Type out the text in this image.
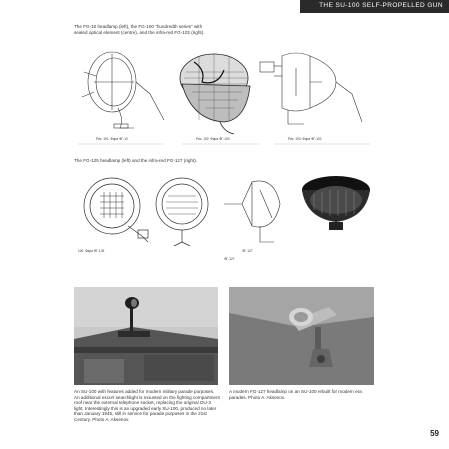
THE SU-100 SELF-PROPELLED GUN
The FG-10 headlamp (left), the FG-100 "hundredth series" with sealed optical element (centre), and the infra-red FG-102 (right).
Рис. 191. Фара ФГ-10	Рис. 192. Фара ФГ-100	Рис. 193. Фара ФГ-102
The FG-125 headlamp (left) and the infra-red FG-127 (right).
100. Фара ФГ-125	ФГ-127
ФГ-127
An SU-100 with features added for modern military parade purposes. An additional escort searchlight is mounted on the fighting compartment roof near the external telephone socket, replacing the original OU-3 light. Interestingly this is an upgraded early SU-100, produced no later than January 1945, still in service for parade purposes in the 21st Century. Photo A. Aksenov.
A modern FG-127 headlamp on an SU-100 rebuilt for modern era parades. Photo A. Aksenov.
59
